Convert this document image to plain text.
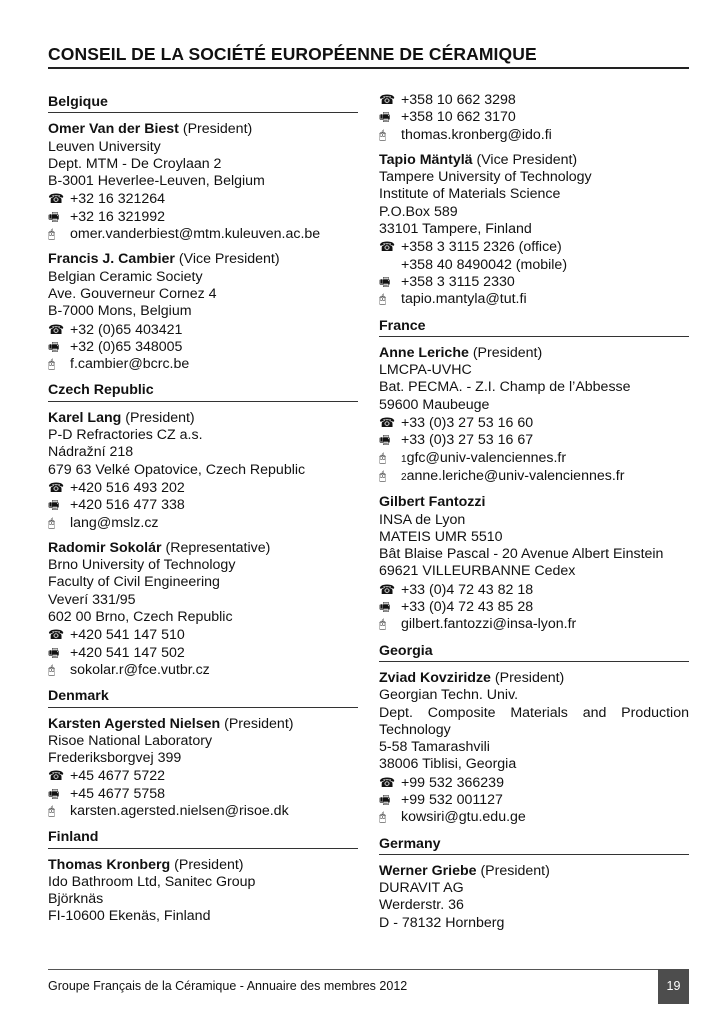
CONSEIL DE LA SOCIÉTÉ EUROPÉENNE DE CÉRAMIQUE
Belgique
Omer Van der Biest (President)
Leuven University
Dept. MTM - De Croylaan 2
B-3001 Heverlee-Leuven, Belgium
☎ +32 16 321264
🖷 +32 16 321992
🖰 omer.vanderbiest@mtm.kuleuven.ac.be
Francis J. Cambier (Vice President)
Belgian Ceramic Society
Ave. Gouverneur Cornez 4
B-7000 Mons, Belgium
☎ +32 (0)65 403421
🖷 +32 (0)65 348005
🖰 f.cambier@bcrc.be
Czech Republic
Karel Lang (President)
P-D Refractories CZ a.s.
Nádražní 218
679 63 Velké Opatovice, Czech Republic
☎ +420 516 493 202
🖷 +420 516 477 338
🖰 lang@mslz.cz
Radomir Sokolár (Representative)
Brno University of Technology
Faculty of Civil Engineering
Veverí 331/95
602 00 Brno, Czech Republic
☎ +420 541 147 510
🖷 +420 541 147 502
🖰 sokolar.r@fce.vutbr.cz
Denmark
Karsten Agersted Nielsen (President)
Risoe National Laboratory
Frederiksborgvej 399
☎ +45 4677 5722
🖷 +45 4677 5758
🖰 karsten.agersted.nielsen@risoe.dk
Finland
Thomas Kronberg (President)
Ido Bathroom Ltd, Sanitec Group
Björknäs
FI-10600 Ekenäs, Finland
☎ +358 10 662 3298
🖷 +358 10 662 3170
🖰 thomas.kronberg@ido.fi
Tapio Mäntylä (Vice President)
Tampere University of Technology
Institute of Materials Science
P.O.Box 589
33101 Tampere, Finland
☎ +358 3 3115 2326 (office)
+358 40 8490042 (mobile)
🖷 +358 3 3115 2330
🖰 tapio.mantyla@tut.fi
France
Anne Leriche (President)
LMCPA-UVHC
Bat. PECMA. - Z.I. Champ de l’Abbesse
59600 Maubeuge
☎ +33 (0)3 27 53 16 60
🖷 +33 (0)3 27 53 16 67
🖰 1gfc@univ-valenciennes.fr
🖰 2anne.leriche@univ-valenciennes.fr
Gilbert Fantozzi
INSA de Lyon
MATEIS UMR 5510
Bât Blaise Pascal - 20 Avenue Albert Einstein
69621 VILLEURBANNE Cedex
☎ +33 (0)4 72 43 82 18
🖷 +33 (0)4 72 43 85 28
🖰 gilbert.fantozzi@insa-lyon.fr
Georgia
Zviad Kovziridze (President)
Georgian Techn. Univ.
Dept. Composite Materials and Production Technology
5-58 Tamarashvili
38006 Tiblisi, Georgia
☎ +99 532 366239
🖷 +99 532 001127
🖰 kowsiri@gtu.edu.ge
Germany
Werner Griebe (President)
DURAVIT AG
Werderstr. 36
D - 78132 Hornberg
Groupe Français de la Céramique - Annuaire des membres 2012	19
